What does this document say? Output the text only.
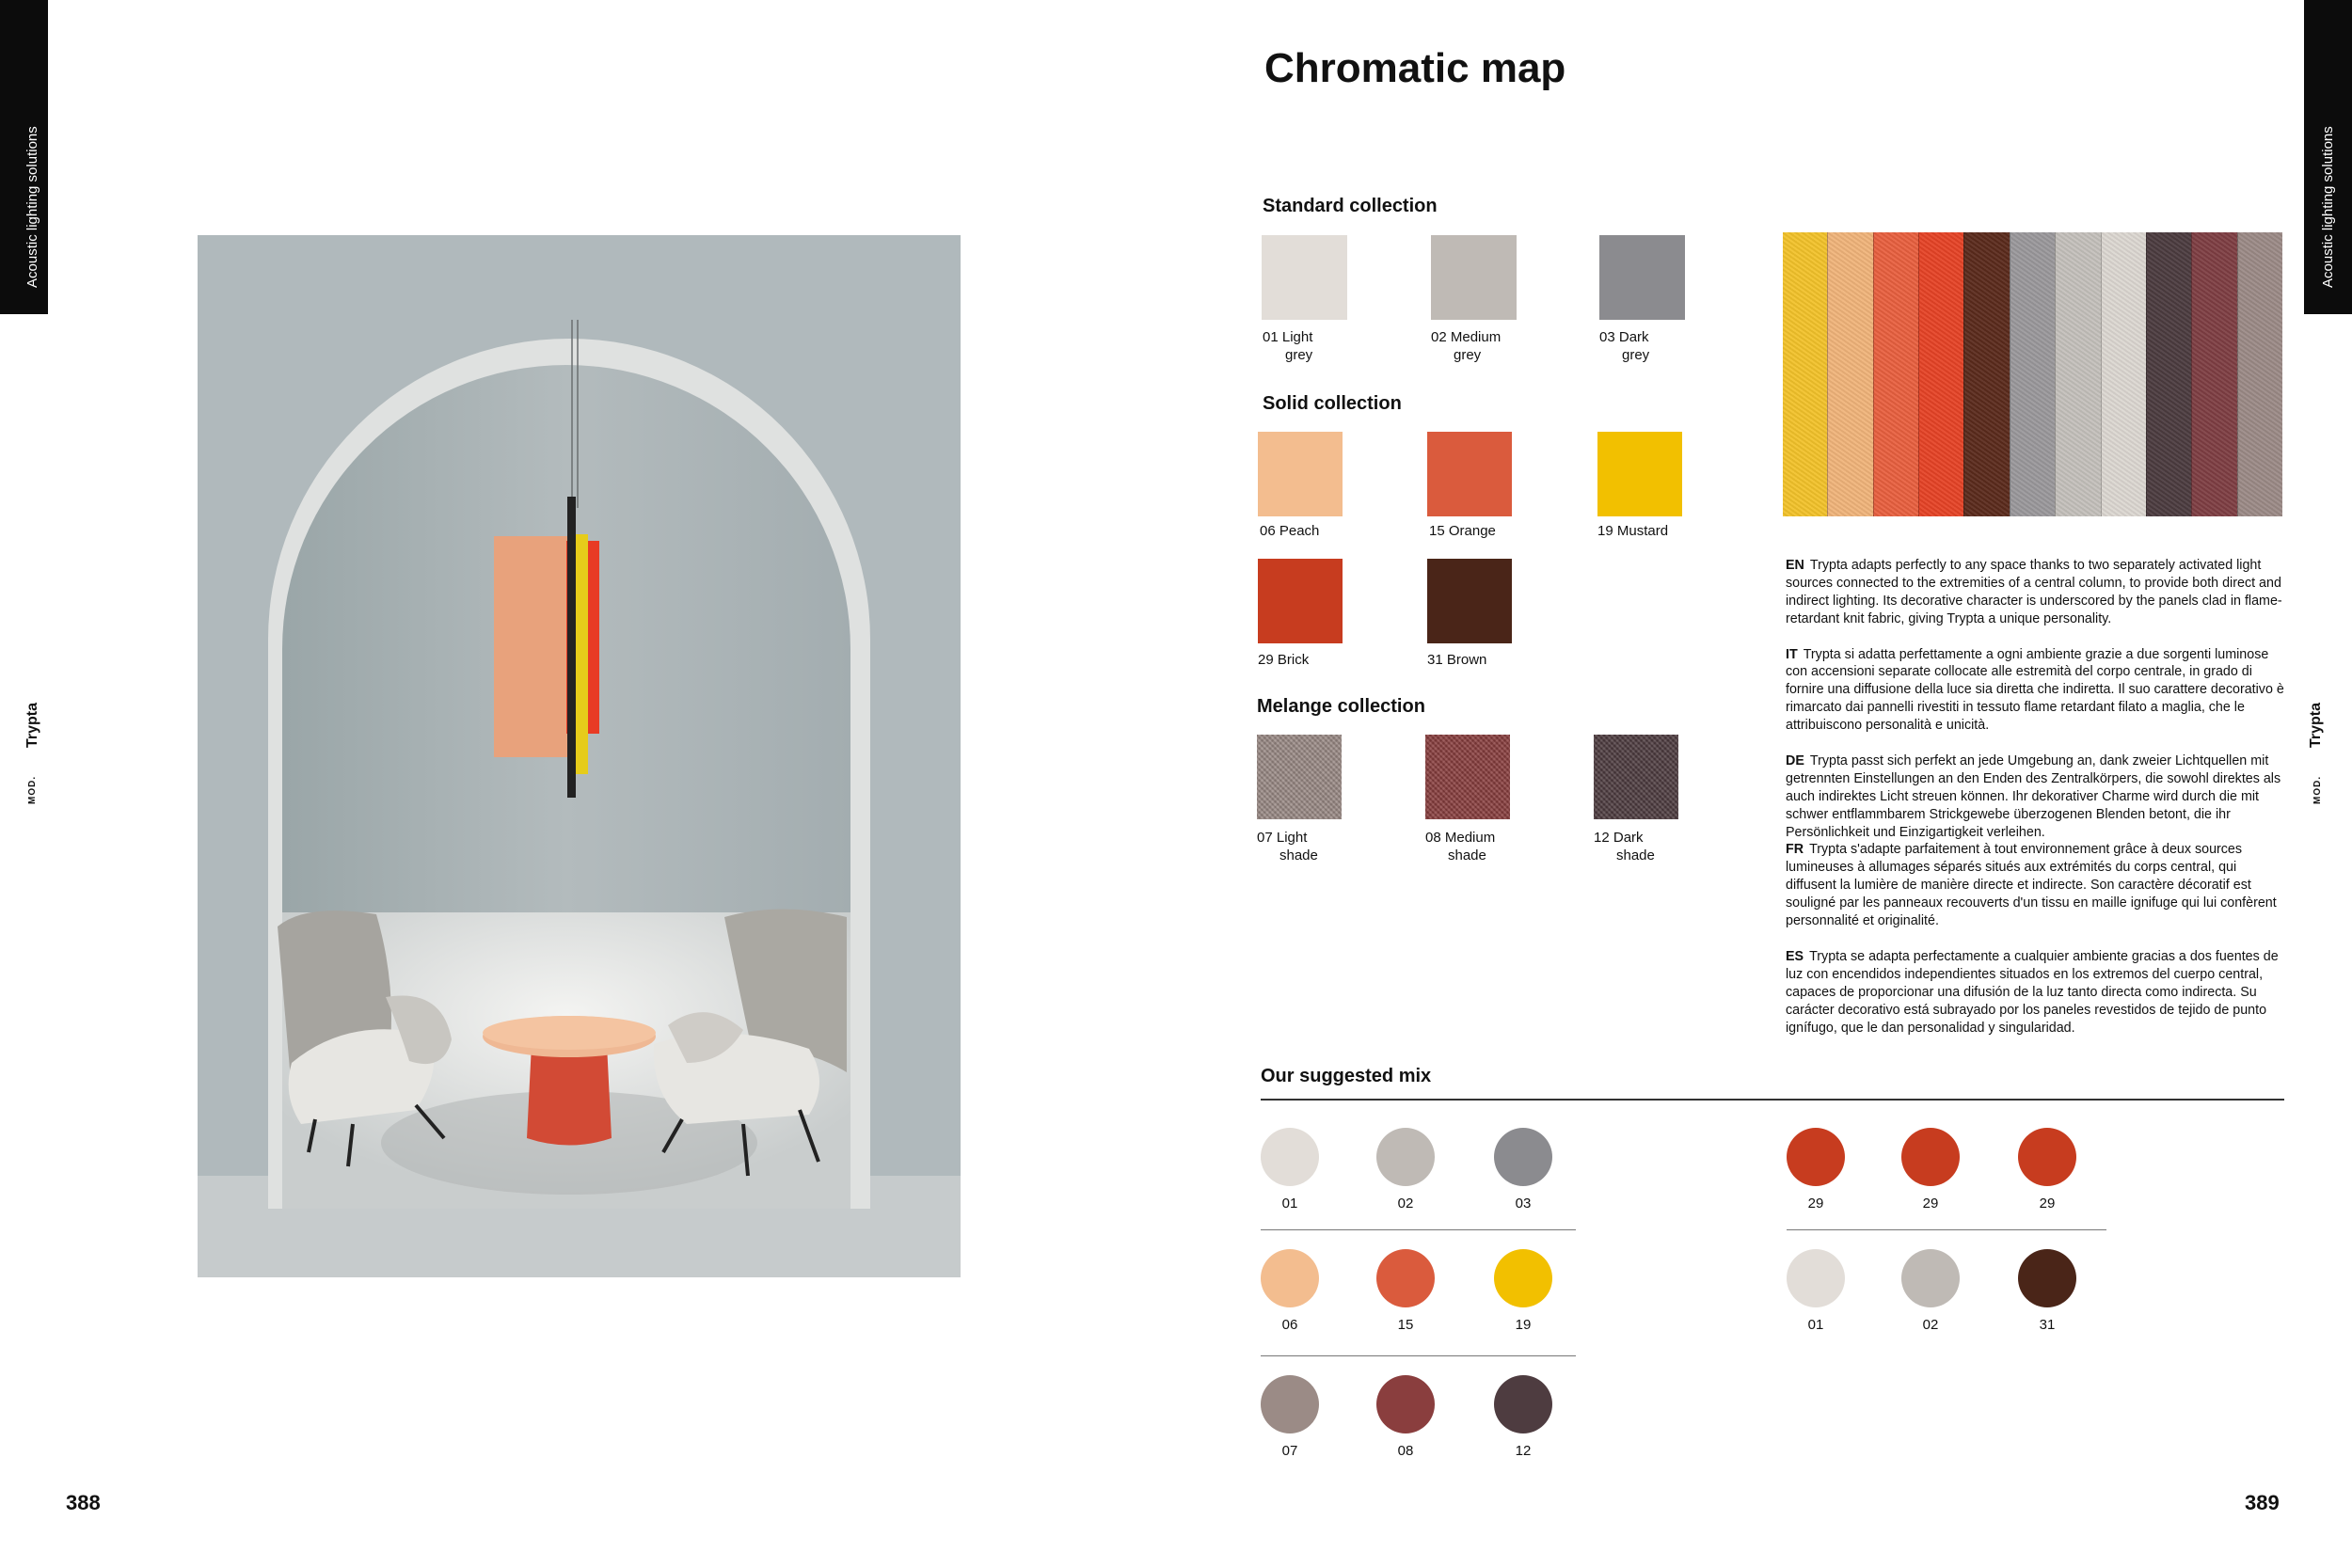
Acoustic lighting solutions	Acoustic lighting solutions
Trypta
MOD.
Trypta
MOD.
388	389
Chromatic map
Standard collection
01 Light
grey
02 Medium
grey
03 Dark
grey
Solid collection
06 Peach	15 Orange	19 Mustard
29 Brick	31 Brown
Melange collection
07 Light
shade
08 Medium
shade
12 Dark
shade

EN Trypta adapts perfectly to any space thanks to two separately activated light sources connected to the extremities of a central column, to provide both direct and indirect lighting. Its decorative character is underscored by the panels clad in flame-retardant knit fabric, giving Trypta a unique personality.

IT Trypta si adatta perfettamente a ogni ambiente grazie a due sorgenti luminose con accensioni separate collocate alle estremità del corpo centrale, in grado di fornire una diffusione della luce sia diretta che indiretta. Il suo carattere decorativo è rimarcato dai pannelli rivestiti in tessuto flame retardant filato a maglia, che le attribuiscono personalità e unicità.

DE Trypta passt sich perfekt an jede Umgebung an, dank zweier Lichtquellen mit getrennten Einstellungen an den Enden des Zentralkörpers, die sowohl direktes als auch indirektes Licht streuen können. Ihr dekorativer Charme wird durch die mit schwer entflammbarem Strickgewebe überzogenen Blenden betont, die ihr Persönlichkeit und Einzigartigkeit verleihen.

FR Trypta s'adapte parfaitement à tout environnement grâce à deux sources lumineuses à allumages séparés situés aux extrémités du corps central, qui diffusent la lumière de manière directe et indirecte. Son caractère décoratif est souligné par les panneaux recouverts d'un tissu en maille ignifuge qui lui confèrent personnalité et originalité.

ES Trypta se adapta perfectamente a cualquier ambiente gracias a dos fuentes de luz con encendidos independientes situados en los extremos del cuerpo central, capaces de proporcionar una difusión de la luz tanto directa como indirecta. Su carácter decorativo está subrayado por los paneles revestidos de tejido de punto ignífugo, que le dan personalidad y singularidad.

Our suggested mix
01	02	03
06	15	19
07	08	12
29	29	29
01	02	31
